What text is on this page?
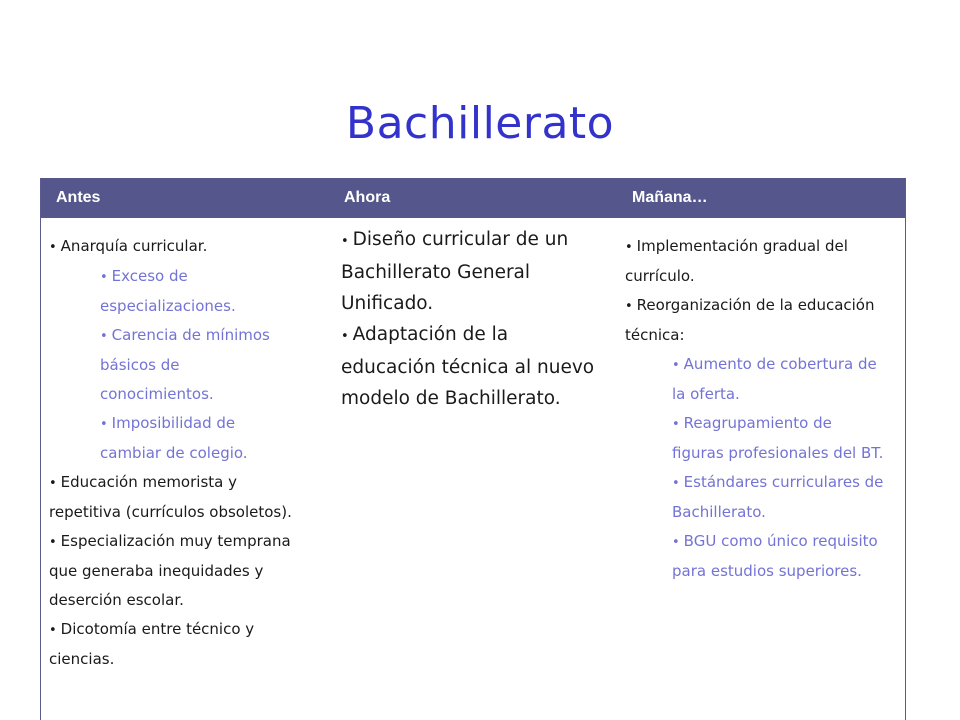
Bachillerato
Antes	Ahora	Mañana…
• Anarquía curricular.
• Exceso de especializaciones.
• Carencia de mínimos básicos de conocimientos.
• Imposibilidad de cambiar de colegio.
• Educación memorista y repetitiva (currículos obsoletos).
• Especialización muy temprana que generaba inequidades y deserción escolar.
• Dicotomía entre técnico y ciencias.
• Diseño curricular de un Bachillerato General Unificado.
• Adaptación de la educación técnica al nuevo modelo de Bachillerato.
• Implementación gradual del currículo.
• Reorganización de la educación técnica:
• Aumento de cobertura de la oferta.
• Reagrupamiento de figuras profesionales del BT.
• Estándares curriculares de Bachillerato.
• BGU como único requisito para estudios superiores.
